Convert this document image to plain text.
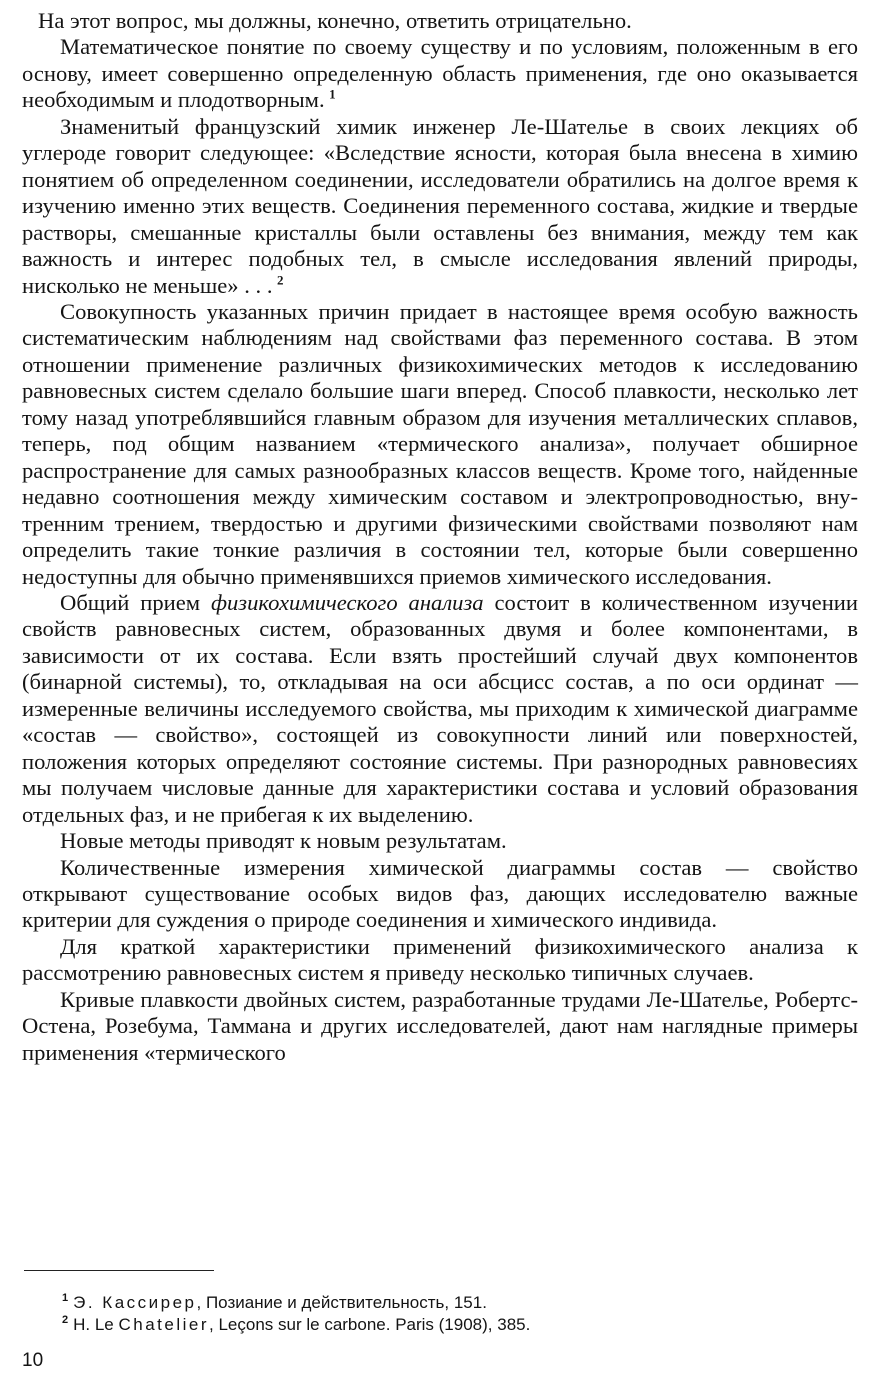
На этот вопрос, мы должны, конечно, ответить отрицательно.

Математическое понятие по своему существу и по условиям, положенным в его основу, имеет совершенно определенную область применения, где оно оказывается необходимым и плодотворным.  $^1$

Знаменитый французский химик инженер Ле-Шателье в своих лекциях об углероде говорит следующее: «Вследствие ясности, которая была внесена в химию понятием об определенном соединении, исследователи обратились на долгое время к изучению именно этих веществ. Соединения переменного состава, жидкие и твердые растворы, смешанные кристаллы были оставлены без внимания, между тем как важность и интерес подобных тел, в смысле исследования явлений природы, нисколько не меньше» . . .  $^2$

Совокупность указанных причин придает в настоящее время особую важность систематическим наблюдениям над свойствами фаз переменного состава. В этом отношении применение различных физикохимических методов к исследованию равновесных систем сделало большие шаги вперед. Способ плавкости, несколько лет тому назад употреблявшийся главным образом для изучения металлических сплавов, теперь, под общим названием «термического анализа», получает обширное распространение для самых разнообразных классов веществ. Кроме того, найденные недавно соотношения между химическим составом и электропроводностью, внутренним трением, твердостью и другими физическими свойствами позволяют нам определить такие тонкие различия в состоянии тел, которые были совершенно недоступны для обычно применявшихся приемов химического исследования.

Общий прием физикохимического анализа состоит в количественном изучении свойств равновесных систем, образованных двумя и более компонентами, в зависимости от их состава. Если взять простейший случай двух компонентов (бинарной системы), то, откладывая на оси абсцисс состав, а по оси ординат — измеренные величины исследуемого свойства, мы приходим к химической диаграмме «состав — свойство», состоящей из совокупности линий или поверхностей, положения которых определяют состояние системы. При разнородных равновесиях мы получаем числовые данные для характеристики состава и условий образования отдельных фаз, и не прибегая к их выделению.

Новые методы приводят к новым результатам.

Количественные измерения химической диаграммы состав — свойство открывают существование особых видов фаз, дающих исследователю важные критерии для суждения о природе соединения и химического индивида.

Для краткой характеристики применений физикохимического анализа к рассмотрению равновесных систем я приведу несколько типичных случаев.

Кривые плавкости двойных систем, разработанные трудами Ле-Шателье, Робертс-Остена, Розебума, Таммана и других исследователей, дают нам наглядные примеры применения «термического

$^1$ Э. Кассирер, Позиание и действительность, 151.

$^2$ H. Le Chatelier, Leçons sur le carbone. Paris (1908), 385.

10
